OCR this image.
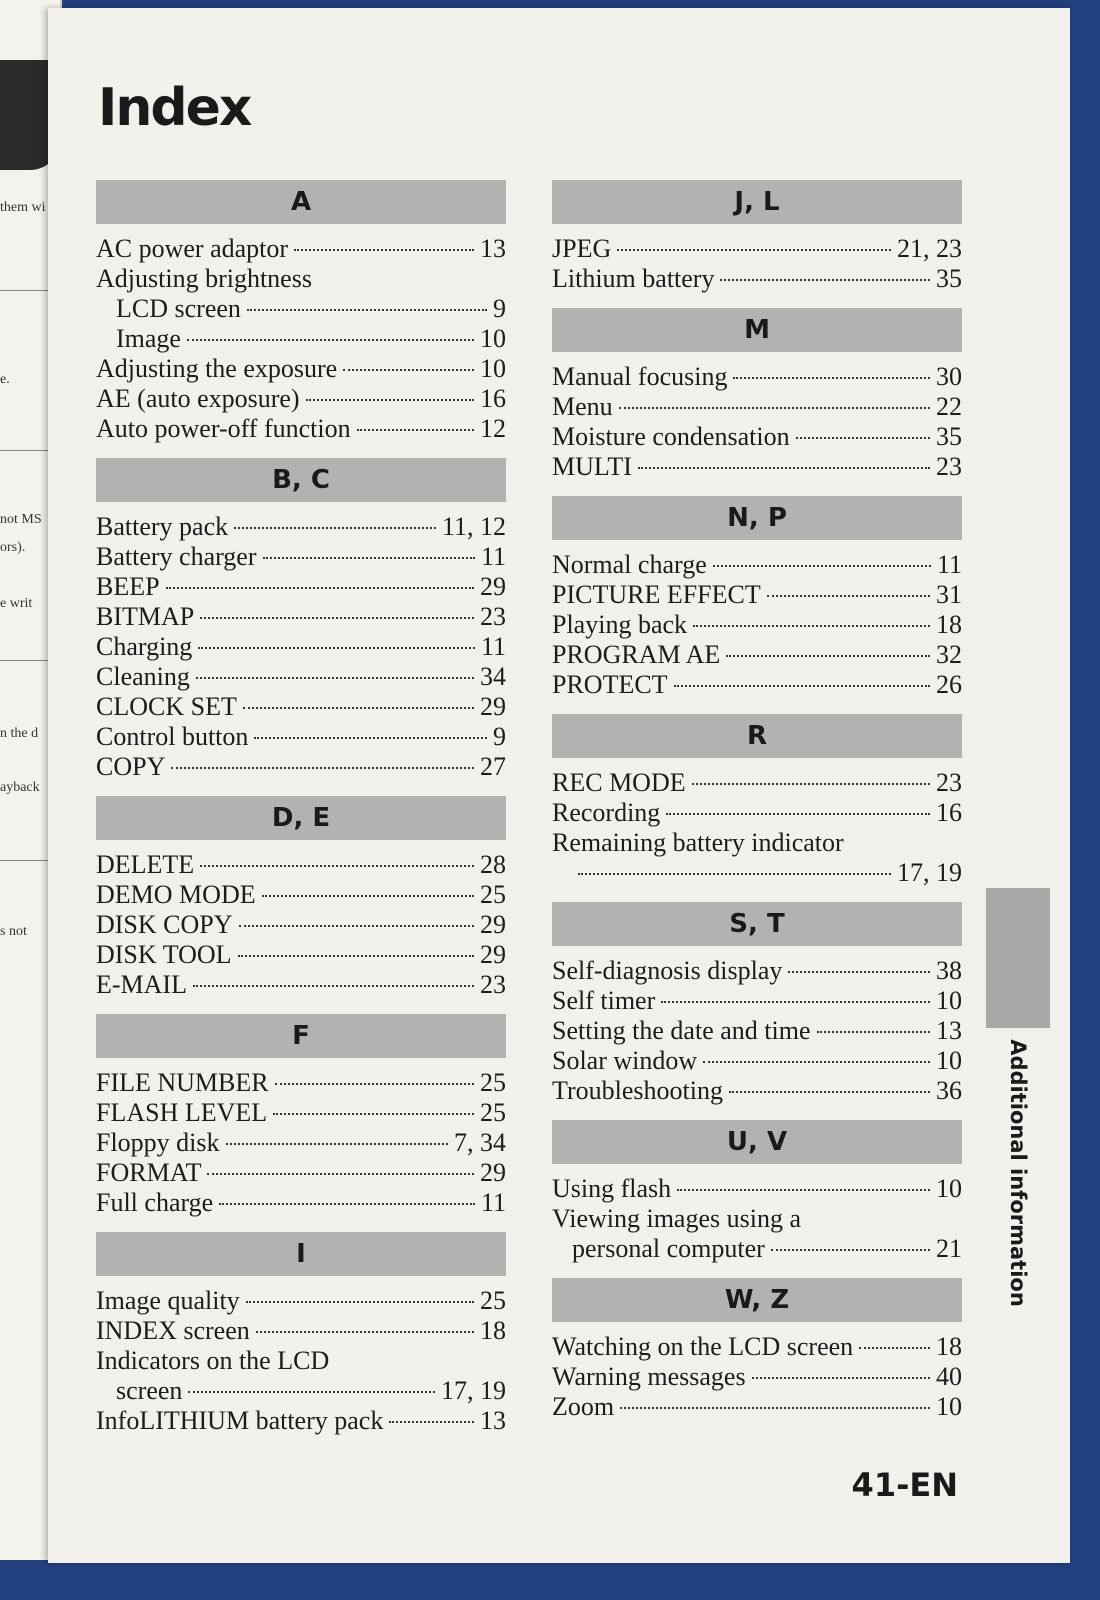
them wi
e.
not MS
ors).
e writ
n the d
ayback
s not
Index
A
AC power adaptor	13
Adjusting brightness
LCD screen	9
Image	10
Adjusting the exposure	10
AE (auto exposure)	16
Auto power-off function	12
B, C
Battery pack	11, 12
Battery charger	11
BEEP	29
BITMAP	23
Charging	11
Cleaning	34
CLOCK SET	29
Control button	9
COPY	27
D, E
DELETE	28
DEMO MODE	25
DISK COPY	29
DISK TOOL	29
E-MAIL	23
F
FILE NUMBER	25
FLASH LEVEL	25
Floppy disk	7, 34
FORMAT	29
Full charge	11
I
Image quality	25
INDEX screen	18
Indicators on the LCD
screen	17, 19
InfoLITHIUM battery pack	13
J, L
JPEG	21, 23
Lithium battery	35
M
Manual focusing	30
Menu	22
Moisture condensation	35
MULTI	23
N, P
Normal charge	11
PICTURE EFFECT	31
Playing back	18
PROGRAM AE	32
PROTECT	26
R
REC MODE	23
Recording	16
Remaining battery indicator
17, 19
S, T
Self-diagnosis display	38
Self timer	10
Setting the date and time	13
Solar window	10
Troubleshooting	36
U, V
Using flash	10
Viewing images using a
personal computer	21
W, Z
Watching on the LCD screen	18
Warning messages	40
Zoom	10
Additional information
41-EN
